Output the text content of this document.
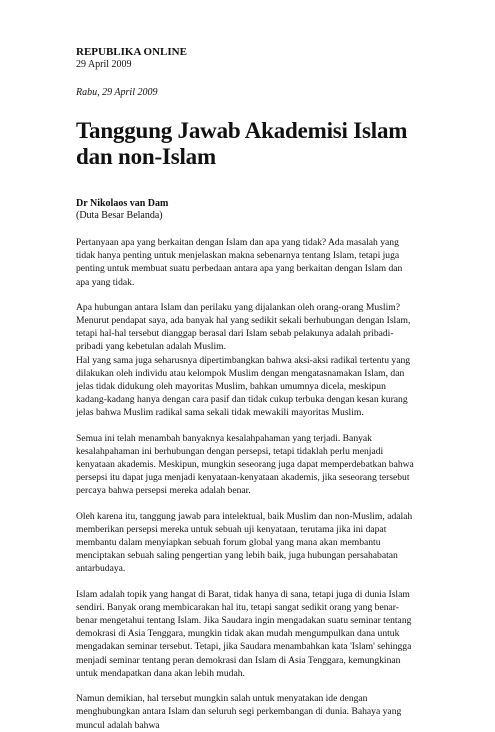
REPUBLIKA ONLINE

29 April 2009

Rabu, 29 April 2009

Tanggung Jawab Akademisi Islam dan non-Islam

Dr Nikolaos van Dam

(Duta Besar Belanda)

Pertanyaan apa yang berkaitan dengan Islam dan apa yang tidak? Ada masalah yang tidak hanya penting untuk menjelaskan makna sebenarnya tentang Islam, tetapi juga penting untuk membuat suatu perbedaan antara apa yang berkaitan dengan Islam dan apa yang tidak.

Apa hubungan antara Islam dan perilaku yang dijalankan oleh orang-orang Muslim? Menurut pendapat saya, ada banyak hal yang sedikit sekali berhubungan dengan Islam, tetapi hal-hal tersebut dianggap berasal dari Islam sebab pelakunya adalah pribadi-pribadi yang kebetulan adalah Muslim.

Hal yang sama juga seharusnya dipertimbangkan bahwa aksi-aksi radikal tertentu yang dilakukan oleh individu atau kelompok Muslim dengan mengatasnamakan Islam, dan jelas tidak didukung oleh mayoritas Muslim, bahkan umumnya dicela, meskipun kadang-kadang hanya dengan cara pasif dan tidak cukup terbuka dengan kesan kurang jelas bahwa Muslim radikal sama sekali tidak mewakili mayoritas Muslim.

Semua ini telah menambah banyaknya kesalahpahaman yang terjadi. Banyak kesalahpahaman ini berhubungan dengan persepsi, tetapi tidaklah perlu menjadi kenyataan akademis. Meskipun, mungkin seseorang juga dapat memperdebatkan bahwa persepsi itu dapat juga menjadi kenyataan-kenyataan akademis, jika seseorang tersebut percaya bahwa persepsi mereka adalah benar.

Oleh karena itu, tanggung jawab para intelektual, baik Muslim dan non-Muslim, adalah memberikan persepsi mereka untuk sebuah uji kenyataan, terutama jika ini dapat membantu dalam menyiapkan sebuah forum global yang mana akan membantu menciptakan sebuah saling pengertian yang lebih baik, juga hubungan persahabatan antarbudaya.

Islam adalah topik yang hangat di Barat, tidak hanya di sana, tetapi juga di dunia Islam sendiri. Banyak orang membicarakan hal itu, tetapi sangat sedikit orang yang benar-benar mengetahui tentang Islam. Jika Saudara ingin mengadakan suatu seminar tentang demokrasi di Asia Tenggara, mungkin tidak akan mudah mengumpulkan dana untuk mengadakan seminar tersebut. Tetapi, jika Saudara menambahkan kata 'Islam' sehingga menjadi seminar tentang peran demokrasi dan Islam di Asia Tenggara, kemungkinan untuk mendapatkan dana akan lebih mudah.

Namun demikian, hal tersebut mungkin salah untuk menyatakan ide dengan menghubungkan antara Islam dan seluruh segi perkembangan di dunia. Bahaya yang muncul adalah bahwa
